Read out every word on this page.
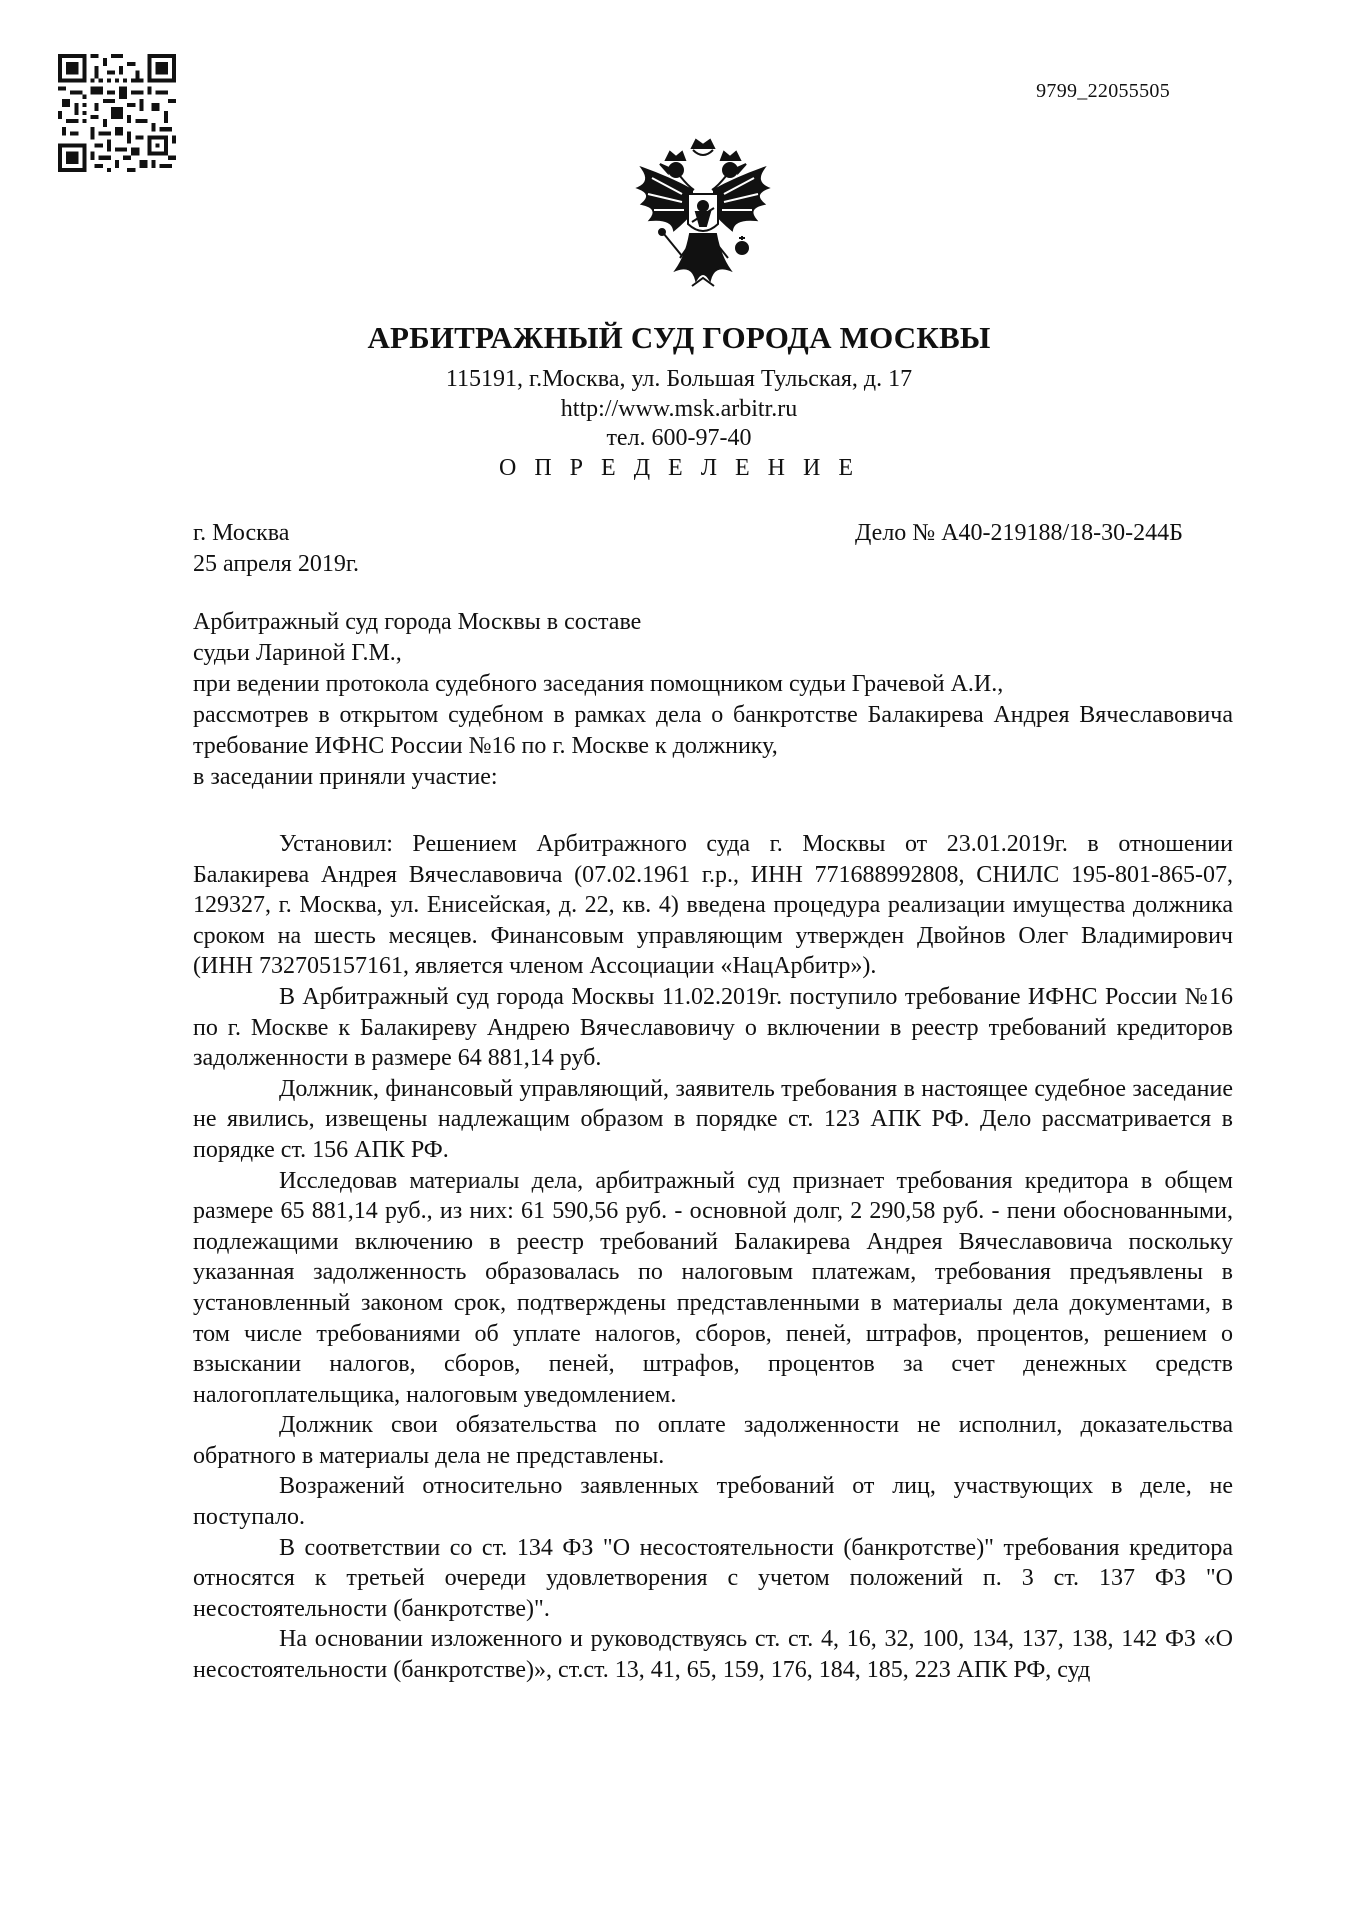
9799_22055505
АРБИТРАЖНЫЙ СУД ГОРОДА МОСКВЫ
115191, г.Москва, ул. Большая Тульская, д. 17
http://www.msk.arbitr.ru
тел. 600-97-40
О П Р Е Д Е Л Е Н И Е
г. Москва
25 апреля 2019г.
Дело № А40-219188/18-30-244Б
Арбитражный суд города Москвы в составе
судьи Лариной Г.М.,
при ведении протокола судебного заседания помощником судьи Грачевой А.И.,
рассмотрев в открытом судебном в рамках дела о банкротстве Балакирева Андрея Вячеславовича требование ИФНС России №16 по г. Москве к должнику,
в заседании приняли участие:

Установил: Решением Арбитражного суда г. Москвы от 23.01.2019г. в отношении Балакирева Андрея Вячеславовича (07.02.1961 г.р., ИНН 771688992808, СНИЛС 195-801-865-07, 129327, г. Москва, ул. Енисейская, д. 22, кв. 4) введена процедура реализации имущества должника сроком на шесть месяцев. Финансовым управляющим утвержден Двойнов Олег Владимирович (ИНН 732705157161, является членом Ассоциации «НацАрбитр»).

В Арбитражный суд города Москвы 11.02.2019г. поступило требование ИФНС России №16 по г. Москве к Балакиреву Андрею Вячеславовичу о включении в реестр требований кредиторов задолженности в размере 64 881,14 руб.

Должник, финансовый управляющий, заявитель требования в настоящее судебное заседание не явились, извещены надлежащим образом в порядке ст. 123 АПК РФ. Дело рассматривается в порядке ст. 156 АПК РФ.

Исследовав материалы дела, арбитражный суд признает требования кредитора в общем размере 65 881,14 руб., из них: 61 590,56 руб. - основной долг, 2 290,58 руб. - пени обоснованными, подлежащими включению в реестр требований Балакирева Андрея Вячеславовича поскольку указанная задолженность образовалась по налоговым платежам, требования предъявлены в установленный законом срок, подтверждены представленными в материалы дела документами, в том числе требованиями об уплате налогов, сборов, пеней, штрафов, процентов, решением о взыскании налогов, сборов, пеней, штрафов, процентов за счет денежных средств налогоплательщика, налоговым уведомлением.

Должник свои обязательства по оплате задолженности не исполнил, доказательства обратного в материалы дела не представлены.

Возражений относительно заявленных требований от лиц, участвующих в деле, не поступало.

В соответствии со ст. 134 ФЗ "О несостоятельности (банкротстве)" требования кредитора относятся к третьей очереди удовлетворения с учетом положений п. 3 ст. 137 ФЗ "О несостоятельности (банкротстве)".

На основании изложенного и руководствуясь ст. ст. 4, 16, 32, 100, 134, 137, 138, 142 ФЗ «О несостоятельности (банкротстве)», ст.ст. 13, 41, 65, 159, 176, 184, 185, 223 АПК РФ, суд
